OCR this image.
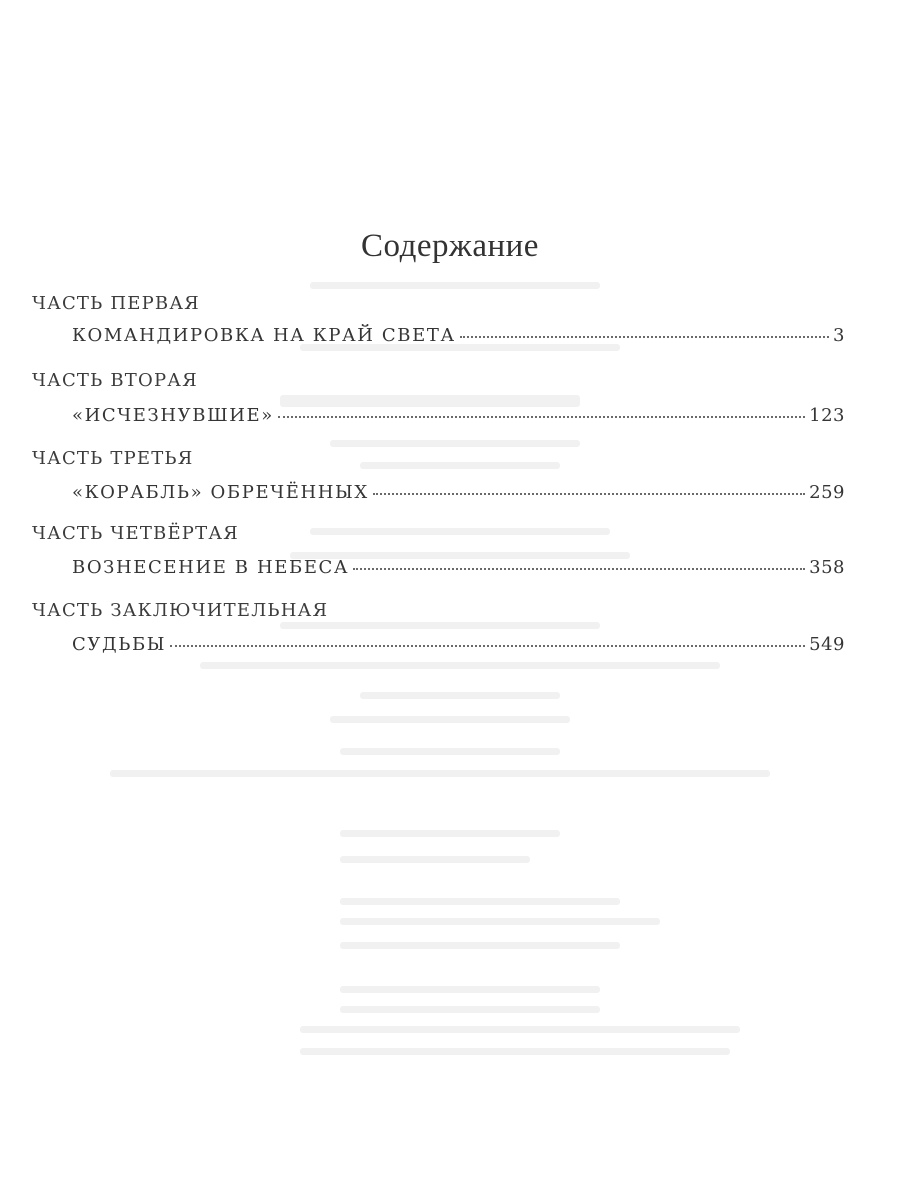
Содержание
ЧАСТЬ ПЕРВАЯ
КОМАНДИРОВКА НА КРАЙ СВЕТА	3
ЧАСТЬ ВТОРАЯ
«ИСЧЕЗНУВШИЕ»	123
ЧАСТЬ ТРЕТЬЯ
«КОРАБЛЬ» ОБРЕЧЁННЫХ	259
ЧАСТЬ ЧЕТВЁРТАЯ
ВОЗНЕСЕНИЕ В НЕБЕСА	358
ЧАСТЬ ЗАКЛЮЧИТЕЛЬНАЯ
СУДЬБЫ	549
